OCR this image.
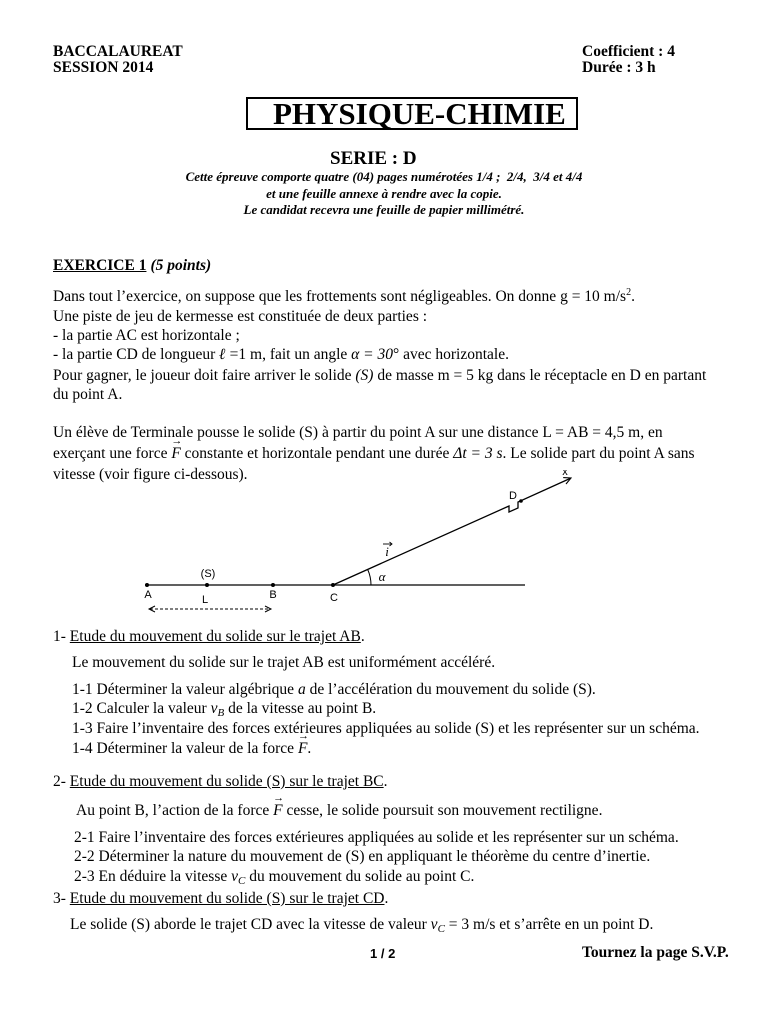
BACCALAUREAT
SESSION 2014
Coefficient : 4
Durée : 3 h
PHYSIQUE-CHIMIE
SERIE : D
Cette épreuve comporte quatre (04) pages numérotées 1/4 ;  2/4,  3/4 et 4/4
et une feuille annexe à rendre avec la copie.
Le candidat recevra une feuille de papier millimétré.
EXERCICE 1 (5 points)
Dans tout l’exercice, on suppose que les frottements sont négligeables. On donne g = 10 $m/s^2$.
Une piste de jeu de kermesse est constituée de deux parties :
- la partie AC est horizontale ;
- la partie CD de longueur ℓ =1 m, fait un angle α = 30° avec horizontale.
Pour gagner, le joueur doit faire arriver le solide (S) de masse m = 5 kg dans le réceptacle en D en partant
du point A.
Un élève de Terminale pousse le solide (S) à partir du point A sur une distance L = AB = 4,5 m, en
exerçant une force → F constante et horizontale pendant une durée Δt = 3 s. Le solide part du point A sans
vitesse (voir figure ci-dessous).	x
D
(S)
A	B	C
L
α
i
1- Etude du mouvement du solide sur le trajet AB.
Le mouvement du solide sur le trajet AB est uniformément accéléré.
1-1 Déterminer la valeur algébrique a de l’accélération du mouvement du solide (S).
1-2 Calculer la valeur $v_B$ de la vitesse au point B.
1-3 Faire l’inventaire des forces extérieures appliquées au solide (S) et les représenter sur un schéma.
1-4 Déterminer la valeur de la force → F.
2- Etude du mouvement du solide (S) sur le trajet BC.
Au point B, l’action de la force → F cesse, le solide poursuit son mouvement rectiligne.
2-1 Faire l’inventaire des forces extérieures appliquées au solide et les représenter sur un schéma.
2-2 Déterminer la nature du mouvement de (S) en appliquant le théorème du centre d’inertie.
2-3 En déduire la vitesse $v_C$ du mouvement du solide au point C.
3- Etude du mouvement du solide (S) sur le trajet CD.
Le solide (S) aborde le trajet CD avec la vitesse de valeur $v_C = 3$ m/s et s’arrête en un point D.
1 / 2	Tournez la page S.V.P.
